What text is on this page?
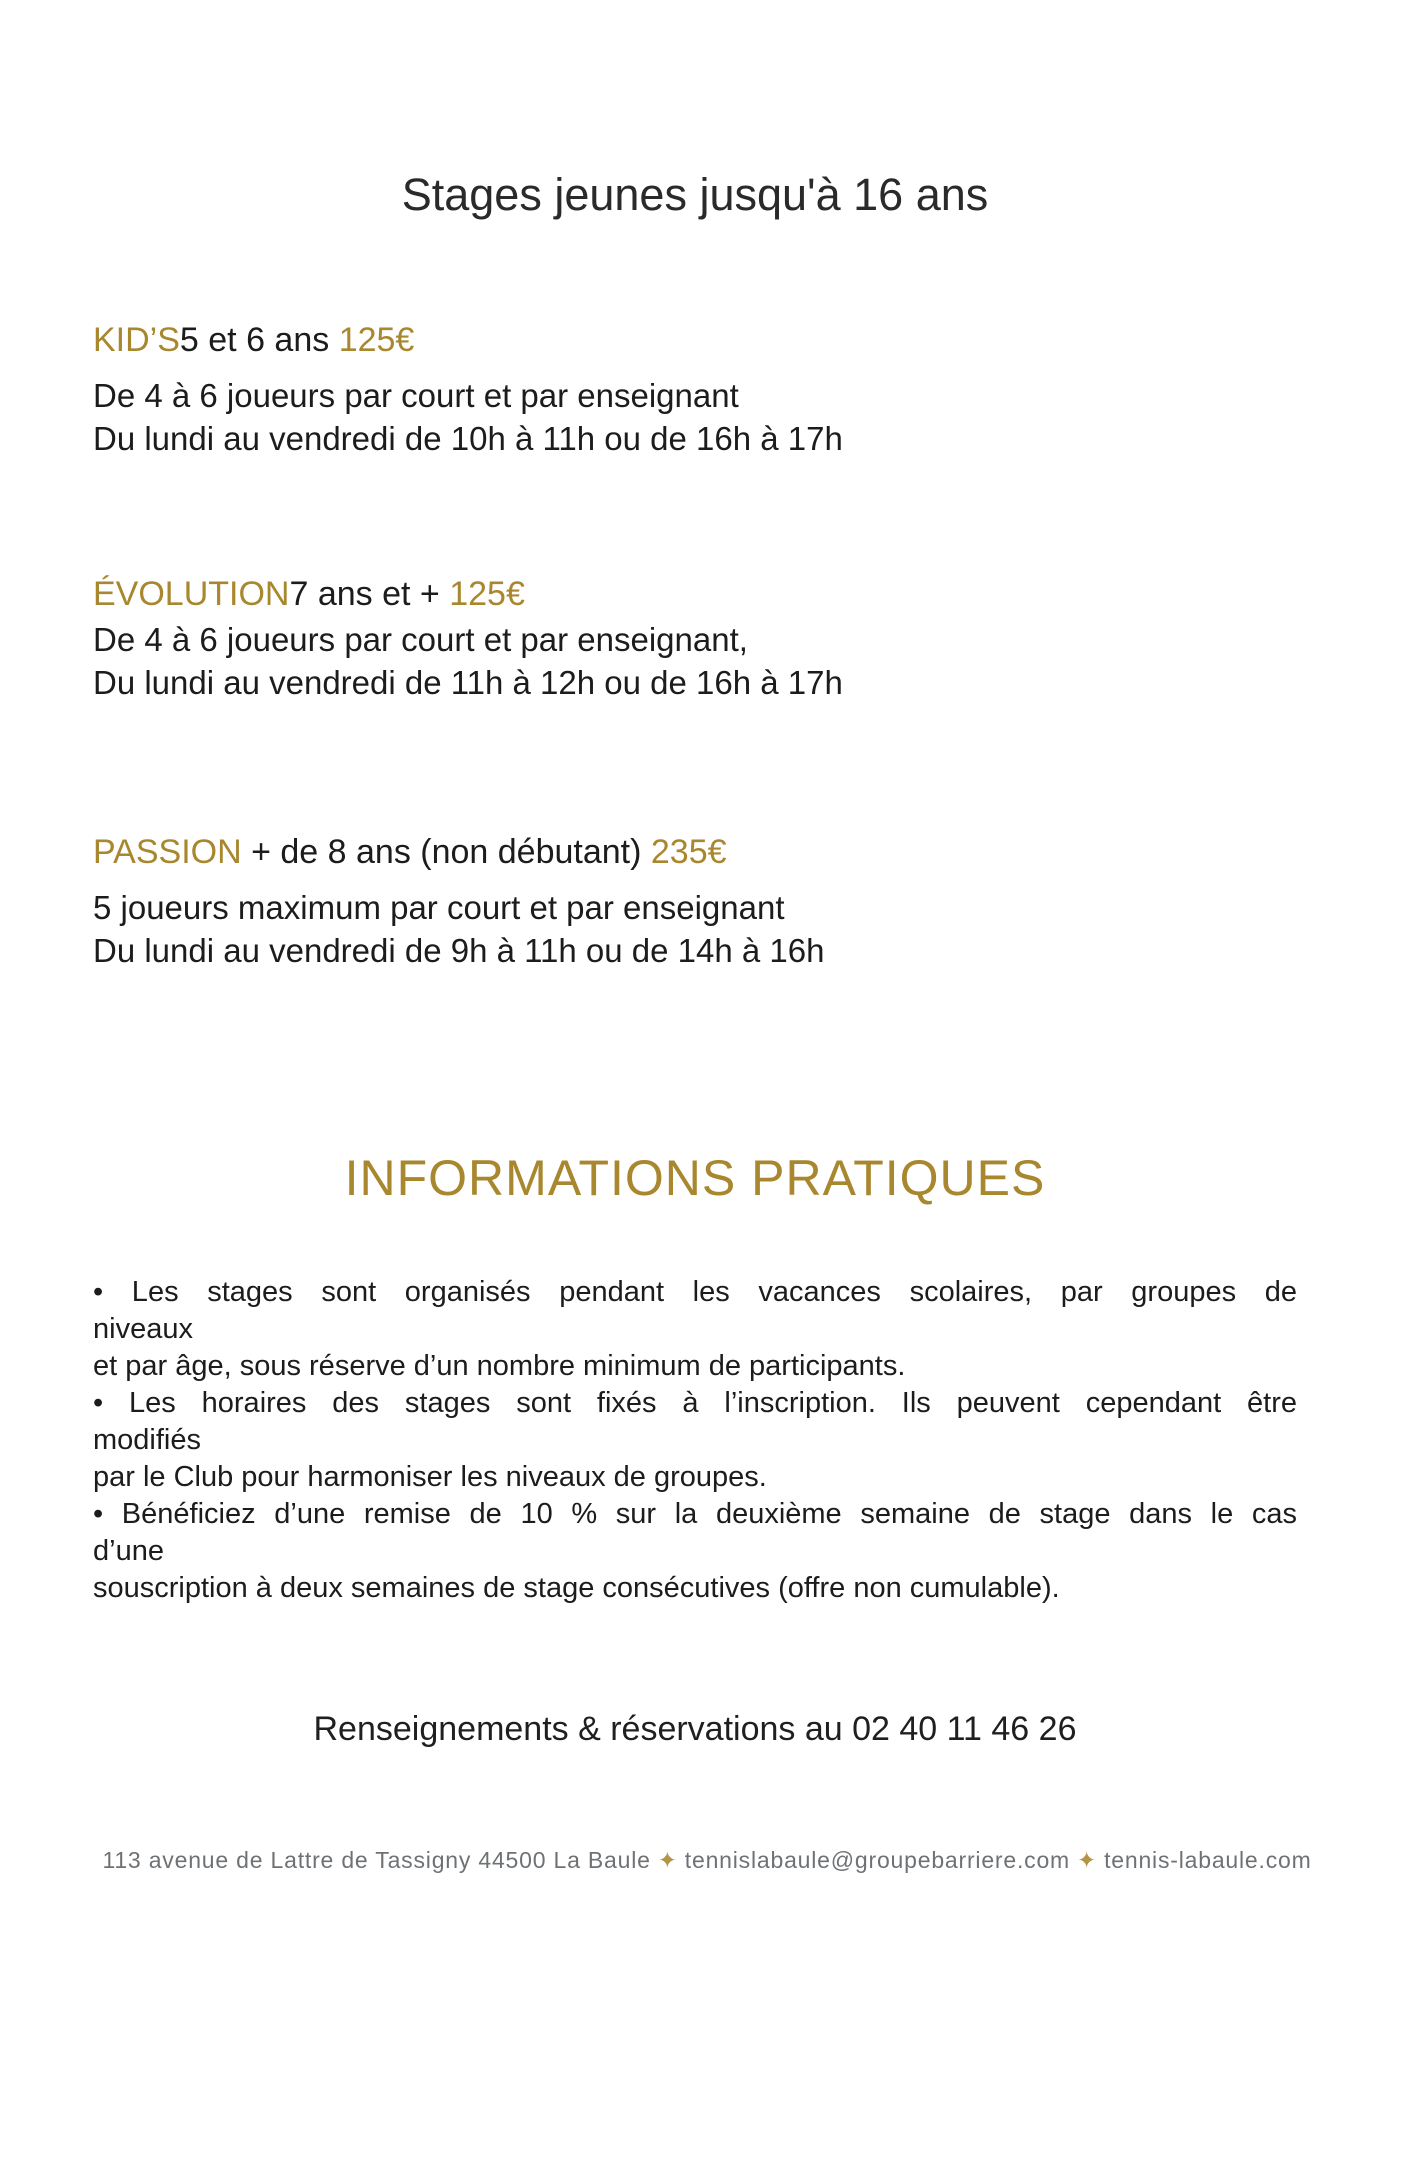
Stages jeunes jusqu'à 16 ans
KID’S5 et 6 ans 125€
De 4 à 6 joueurs par court et par enseignant
Du lundi au vendredi de 10h à 11h ou de 16h à 17h
ÉVOLUTION7 ans et + 125€
De 4 à 6 joueurs par court et par enseignant,
Du lundi au vendredi de 11h à 12h ou de 16h à 17h
PASSION + de 8 ans (non débutant) 235€
5 joueurs maximum par court et par enseignant
Du lundi au vendredi de 9h à 11h ou de 14h à 16h
INFORMATIONS PRATIQUES
• Les stages sont organisés pendant les vacances scolaires, par groupes de
niveaux
et par âge, sous réserve d’un nombre minimum de participants.
• Les horaires des stages sont fixés à l’inscription. Ils peuvent cependant être
modifiés
par le Club pour harmoniser les niveaux de groupes.
• Bénéficiez d’une remise de 10 % sur la deuxième semaine de stage dans le cas
d’une
souscription à deux semaines de stage consécutives (offre non cumulable).
Renseignements & réservations au 02 40 11 46 26
113 avenue de Lattre de Tassigny 44500 La Baule ✦ tennislabaule@groupebarriere.com ✦ tennis-labaule.com
